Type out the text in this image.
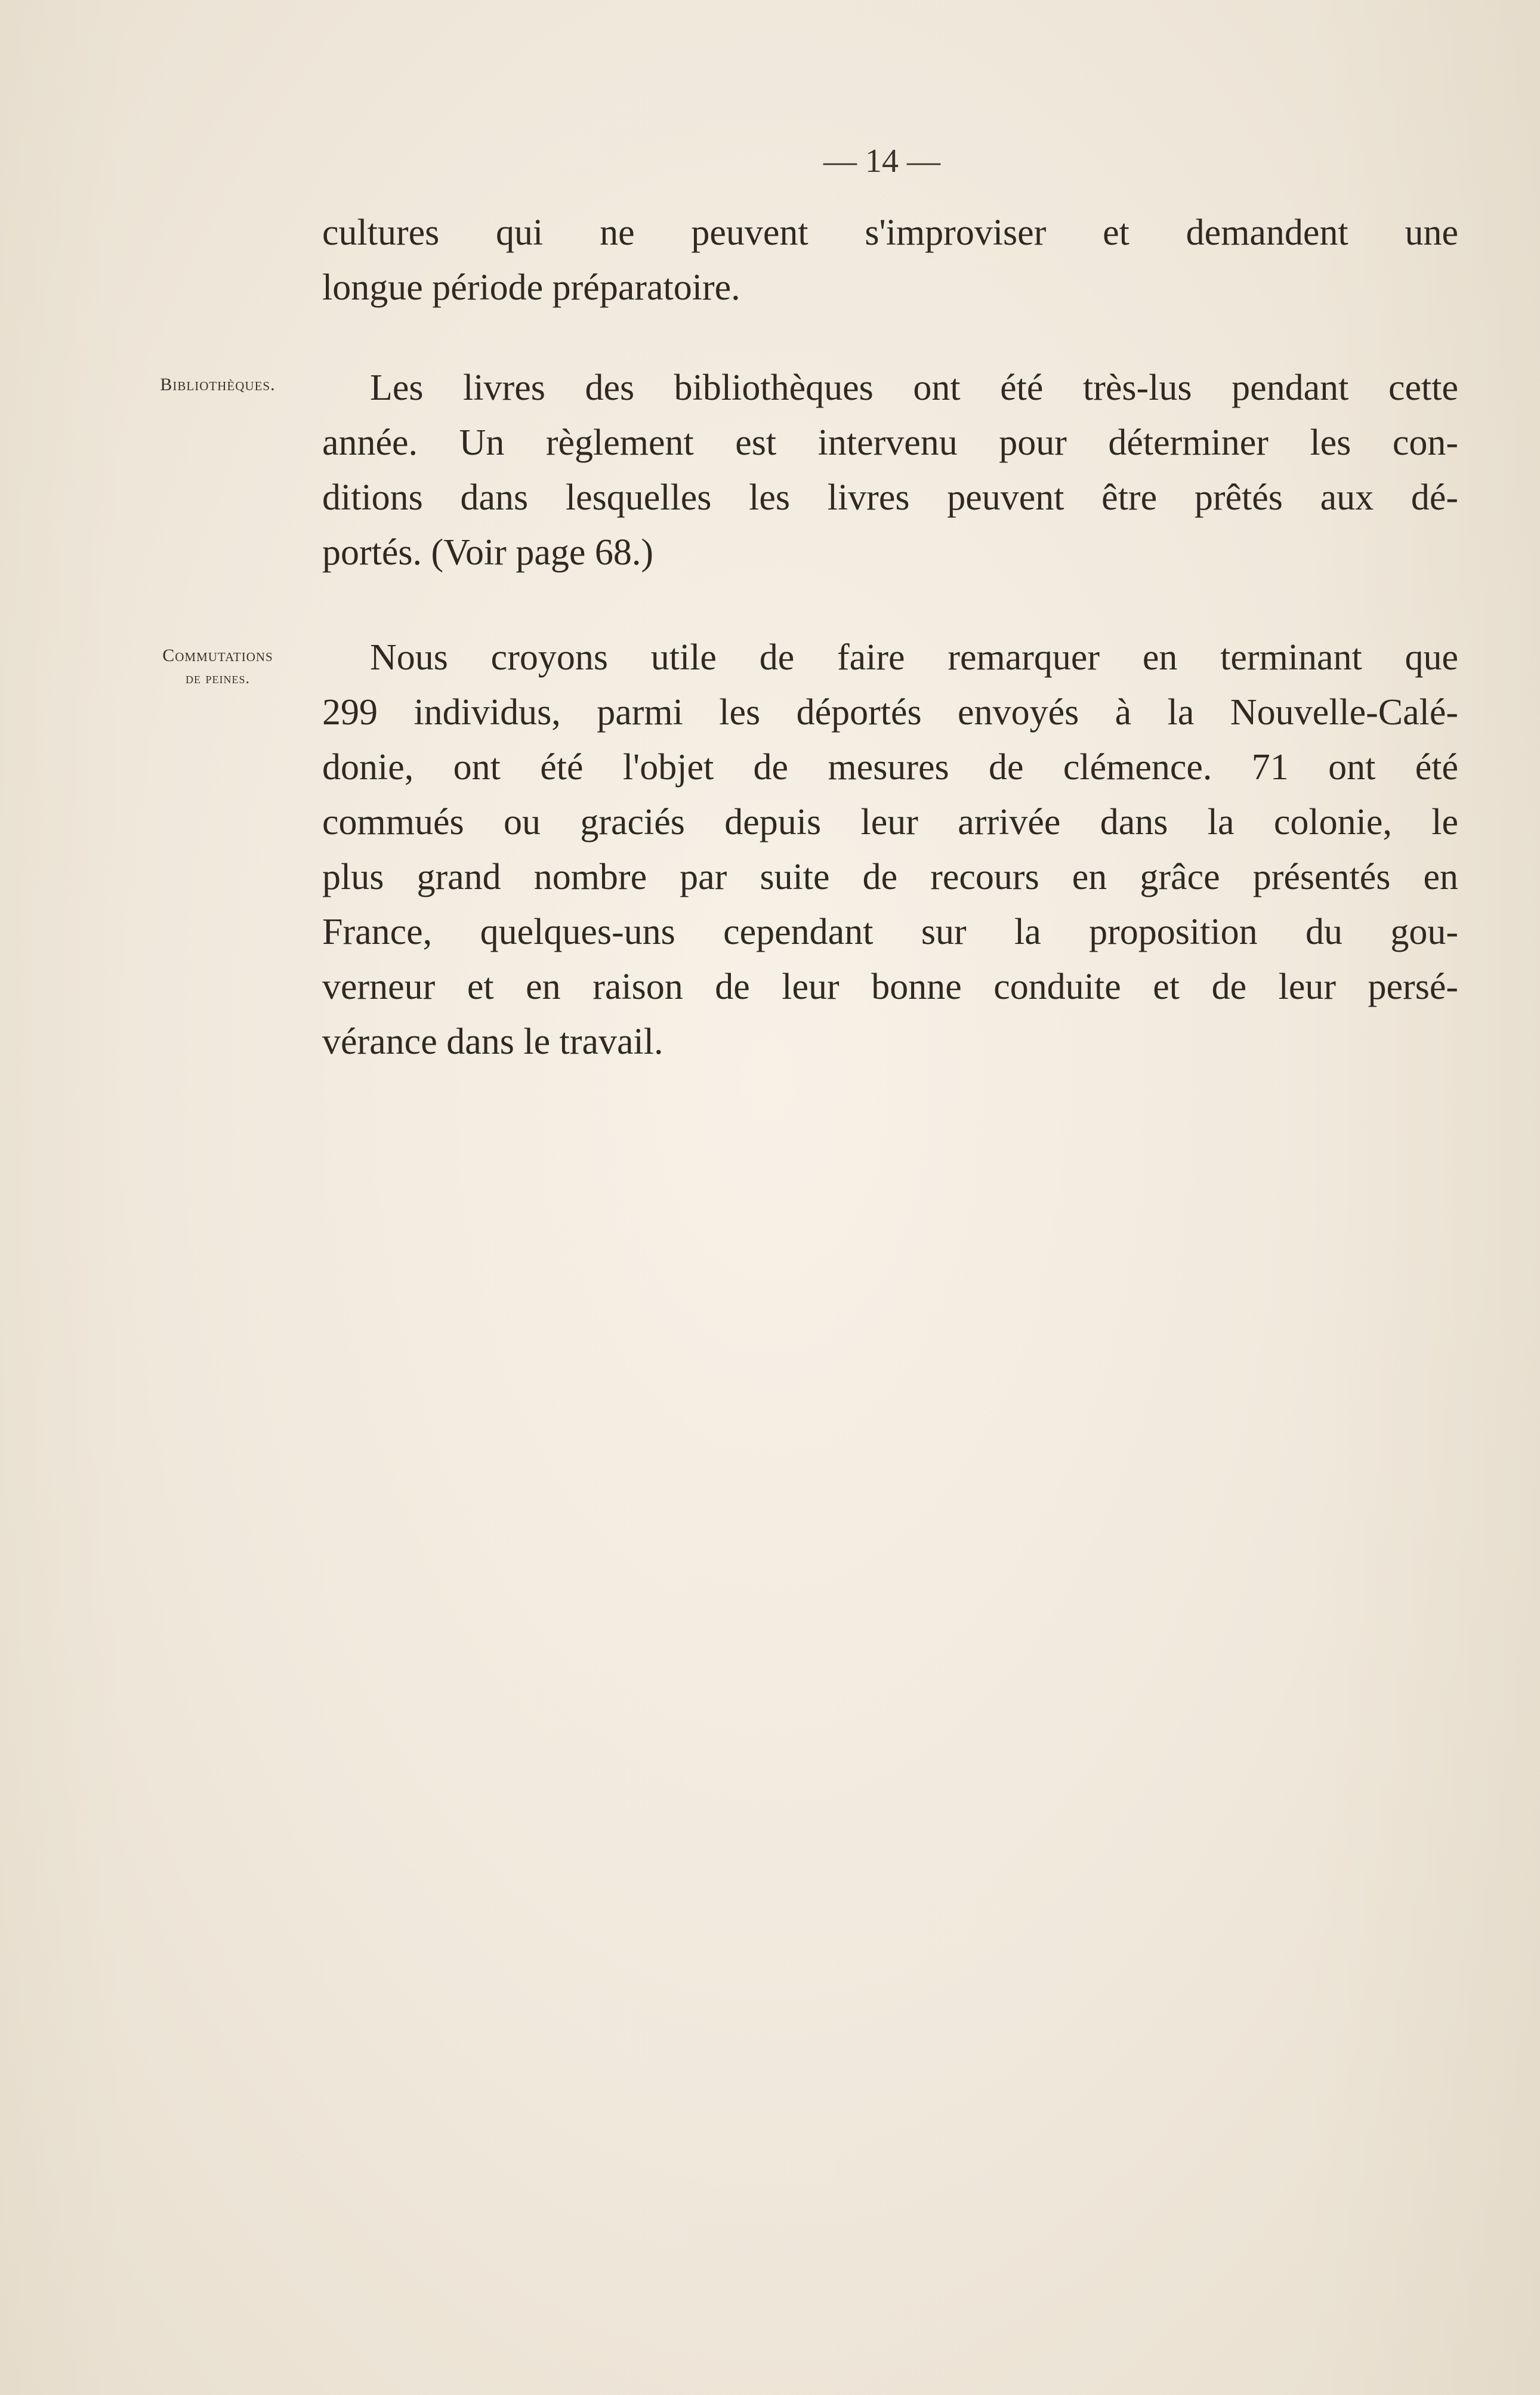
— 14 —
Bibliothèques.
Commutations
de peines.
cultures qui ne peuvent s'improviser et demandent une
longue période préparatoire.
Les livres des bibliothèques ont été très-lus pendant cette
année. Un règlement est intervenu pour déterminer les con-
ditions dans lesquelles les livres peuvent être prêtés aux dé-
portés. (Voir page 68.)
Nous croyons utile de faire remarquer en terminant que
299 individus, parmi les déportés envoyés à la Nouvelle-Calé-
donie, ont été l'objet de mesures de clémence. 71 ont été
commués ou graciés depuis leur arrivée dans la colonie, le
plus grand nombre par suite de recours en grâce présentés en
France, quelques-uns cependant sur la proposition du gou-
verneur et en raison de leur bonne conduite et de leur persé-
vérance dans le travail.
